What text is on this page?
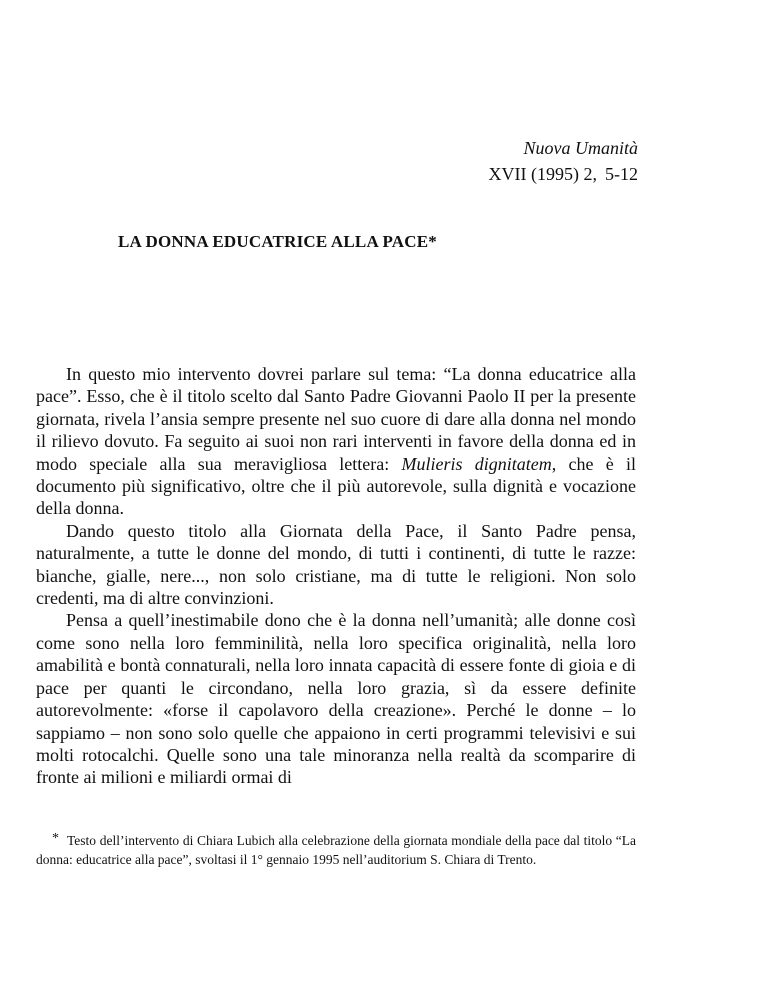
Nuova Umanità
XVII (1995) 2, 5-12
LA DONNA EDUCATRICE ALLA PACE*

In questo mio intervento dovrei parlare sul tema: “La donna educatrice alla pace”. Esso, che è il titolo scelto dal Santo Padre Giovanni Paolo II per la presente giornata, rivela l’ansia sempre presente nel suo cuore di dare alla donna nel mondo il rilievo dovuto. Fa seguito ai suoi non rari interventi in favore della donna ed in modo speciale alla sua meravigliosa lettera: Mulieris dignitatem, che è il documento più significativo, oltre che il più autorevole, sulla dignità e vocazione della donna.

Dando questo titolo alla Giornata della Pace, il Santo Padre pensa, naturalmente, a tutte le donne del mondo, di tutti i continenti, di tutte le razze: bianche, gialle, nere..., non solo cristiane, ma di tutte le religioni. Non solo credenti, ma di altre convinzioni.

Pensa a quell’inestimabile dono che è la donna nell’umanità; alle donne così come sono nella loro femminilità, nella loro specifica originalità, nella loro amabilità e bontà connaturali, nella loro innata capacità di essere fonte di gioia e di pace per quanti le circondano, nella loro grazia, sì da essere definite autorevolmente: «forse il capolavoro della creazione». Perché le donne – lo sappiamo – non sono solo quelle che appaiono in certi programmi televisivi e sui molti rotocalchi. Quelle sono una tale minoranza nella realtà da scomparire di fronte ai milioni e miliardi ormai di

* Testo dell’intervento di Chiara Lubich alla celebrazione della giornata mondiale della pace dal titolo “La donna: educatrice alla pace”, svoltasi il 1° gennaio 1995 nell’auditorium S. Chiara di Trento.
